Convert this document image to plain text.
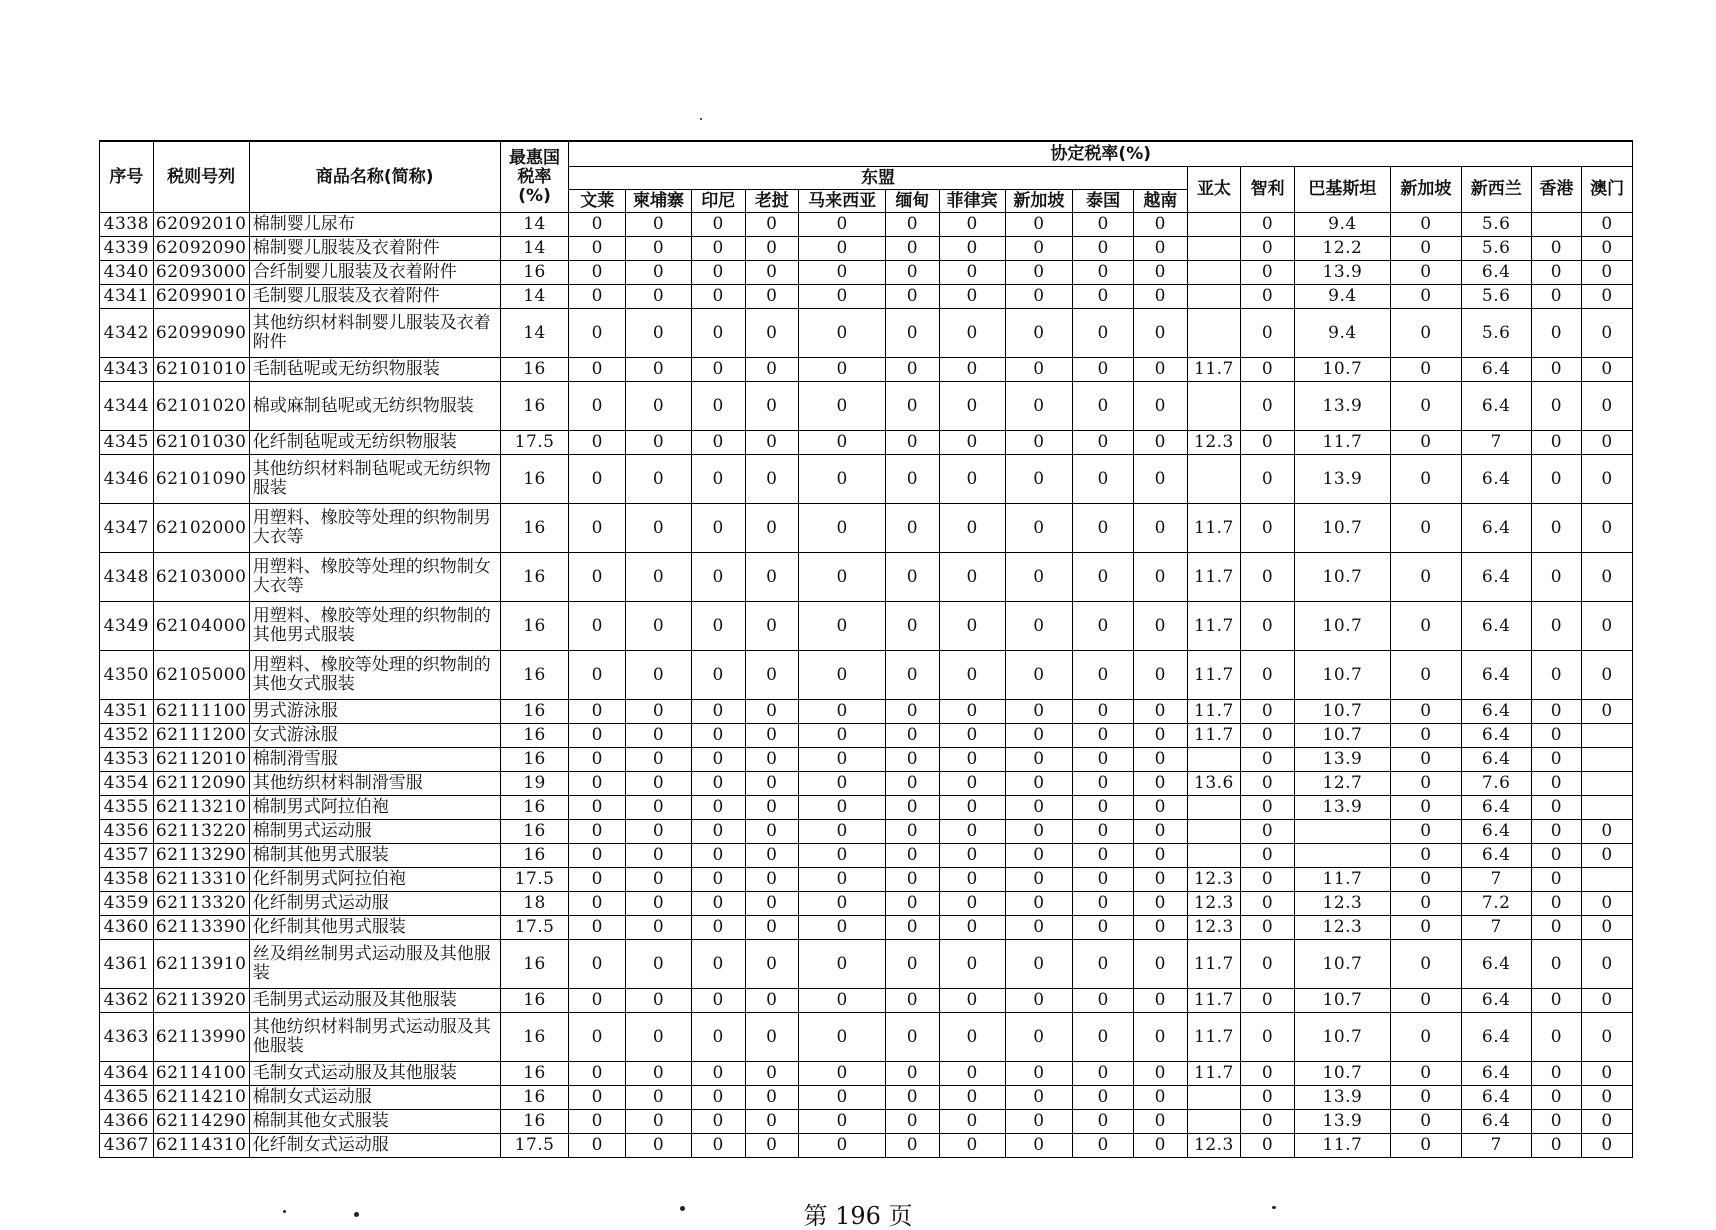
序号	税则号列	商品名称(简称)	最惠国税率(%)	协定税率(%)																
				东盟										亚太	智利	巴基斯坦	新加坡	新西兰	香港	澳门
				文莱	柬埔寨	印尼	老挝	马来西亚	缅甸	菲律宾	新加坡	泰国	越南							
4338	62092010	棉制婴儿尿布	14	0	0	0	0	0	0	0	0	0	0		0	9.4	0	5.6		0
4339	62092090	棉制婴儿服装及衣着附件	14	0	0	0	0	0	0	0	0	0	0		0	12.2	0	5.6	0	0
4340	62093000	合纤制婴儿服装及衣着附件	16	0	0	0	0	0	0	0	0	0	0		0	13.9	0	6.4	0	0
4341	62099010	毛制婴儿服装及衣着附件	14	0	0	0	0	0	0	0	0	0	0		0	9.4	0	5.6	0	0
4342	62099090	其他纺织材料制婴儿服装及衣着附件	14	0	0	0	0	0	0	0	0	0	0		0	9.4	0	5.6	0	0
4343	62101010	毛制毡呢或无纺织物服装	16	0	0	0	0	0	0	0	0	0	0	11.7	0	10.7	0	6.4	0	0
4344	62101020	棉或麻制毡呢或无纺织物服装	16	0	0	0	0	0	0	0	0	0	0		0	13.9	0	6.4	0	0
4345	62101030	化纤制毡呢或无纺织物服装	17.5	0	0	0	0	0	0	0	0	0	0	12.3	0	11.7	0	7	0	0
4346	62101090	其他纺织材料制毡呢或无纺织物服装	16	0	0	0	0	0	0	0	0	0	0		0	13.9	0	6.4	0	0
4347	62102000	用塑料、橡胶等处理的织物制男大衣等	16	0	0	0	0	0	0	0	0	0	0	11.7	0	10.7	0	6.4	0	0
4348	62103000	用塑料、橡胶等处理的织物制女大衣等	16	0	0	0	0	0	0	0	0	0	0	11.7	0	10.7	0	6.4	0	0
4349	62104000	用塑料、橡胶等处理的织物制的其他男式服装	16	0	0	0	0	0	0	0	0	0	0	11.7	0	10.7	0	6.4	0	0
4350	62105000	用塑料、橡胶等处理的织物制的其他女式服装	16	0	0	0	0	0	0	0	0	0	0	11.7	0	10.7	0	6.4	0	0
4351	62111100	男式游泳服	16	0	0	0	0	0	0	0	0	0	0	11.7	0	10.7	0	6.4	0	0
4352	62111200	女式游泳服	16	0	0	0	0	0	0	0	0	0	0	11.7	0	10.7	0	6.4	0	
4353	62112010	棉制滑雪服	16	0	0	0	0	0	0	0	0	0	0		0	13.9	0	6.4	0	
4354	62112090	其他纺织材料制滑雪服	19	0	0	0	0	0	0	0	0	0	0	13.6	0	12.7	0	7.6	0	
4355	62113210	棉制男式阿拉伯袍	16	0	0	0	0	0	0	0	0	0	0		0	13.9	0	6.4	0	
4356	62113220	棉制男式运动服	16	0	0	0	0	0	0	0	0	0	0		0		0	6.4	0	0
4357	62113290	棉制其他男式服装	16	0	0	0	0	0	0	0	0	0	0		0		0	6.4	0	0
4358	62113310	化纤制男式阿拉伯袍	17.5	0	0	0	0	0	0	0	0	0	0	12.3	0	11.7	0	7	0	
4359	62113320	化纤制男式运动服	18	0	0	0	0	0	0	0	0	0	0	12.3	0	12.3	0	7.2	0	0
4360	62113390	化纤制其他男式服装	17.5	0	0	0	0	0	0	0	0	0	0	12.3	0	12.3	0	7	0	0
4361	62113910	丝及绢丝制男式运动服及其他服装	16	0	0	0	0	0	0	0	0	0	0	11.7	0	10.7	0	6.4	0	0
4362	62113920	毛制男式运动服及其他服装	16	0	0	0	0	0	0	0	0	0	0	11.7	0	10.7	0	6.4	0	0
4363	62113990	其他纺织材料制男式运动服及其他服装	16	0	0	0	0	0	0	0	0	0	0	11.7	0	10.7	0	6.4	0	0
4364	62114100	毛制女式运动服及其他服装	16	0	0	0	0	0	0	0	0	0	0	11.7	0	10.7	0	6.4	0	0
4365	62114210	棉制女式运动服	16	0	0	0	0	0	0	0	0	0	0		0	13.9	0	6.4	0	0
4366	62114290	棉制其他女式服装	16	0	0	0	0	0	0	0	0	0	0		0	13.9	0	6.4	0	0
4367	62114310	化纤制女式运动服	17.5	0	0	0	0	0	0	0	0	0	0	12.3	0	11.7	0	7	0	0
第 196 页
